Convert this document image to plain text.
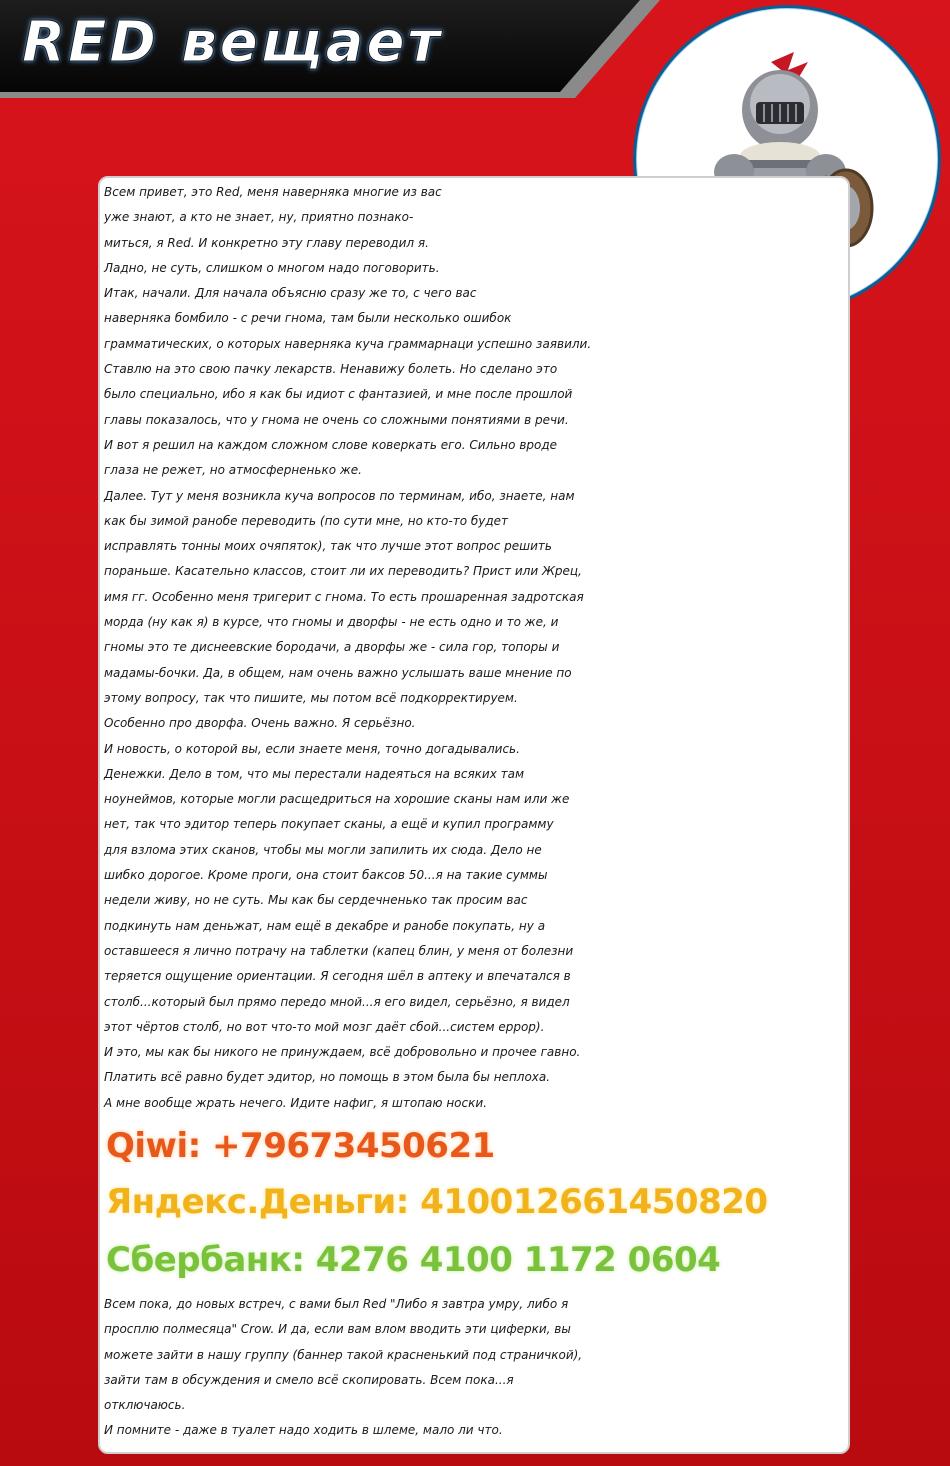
RED вещает
Всем привет, это Red, меня наверняка многие из вас
уже знают, а кто не знает, ну, приятно познако-
миться, я Red. И конкретно эту главу переводил я.
Ладно, не суть, слишком о многом надо поговорить.
Итак, начали. Для начала объясню сразу же то, с чего вас
наверняка бомбило - с речи гнома, там были несколько ошибок
грамматических, о которых наверняка куча граммарнаци успешно заявили.
Ставлю на это свою пачку лекарств. Ненавижу болеть. Но сделано это
было специально, ибо я как бы идиот с фантазией, и мне после прошлой
главы показалось, что у гнома не очень со сложными понятиями в речи.
И вот я решил на каждом сложном слове коверкать его. Сильно вроде
глаза не режет, но атмосферненько же.
Далее. Тут у меня возникла куча вопросов по терминам, ибо, знаете, нам
как бы зимой ранобе переводить (по сути мне, но кто-то будет
исправлять тонны моих очяпяток), так что лучше этот вопрос решить
пораньше. Касательно классов, стоит ли их переводить? Прист или Жрец,
имя гг. Особенно меня тригерит с гнома. То есть прошаренная задротская
морда (ну как я) в курсе, что гномы и дворфы - не есть одно и то же, и
гномы это те диснеевские бородачи, а дворфы же - сила гор, топоры и
мадамы-бочки. Да, в общем, нам очень важно услышать ваше мнение по
этому вопросу, так что пишите, мы потом всё подкорректируем.
Особенно про дворфа. Очень важно. Я серьёзно.
И новость, о которой вы, если знаете меня, точно догадывались.
Денежки. Дело в том, что мы перестали надеяться на всяких там
ноунеймов, которые могли расщедриться на хорошие сканы нам или же
нет, так что эдитор теперь покупает сканы, а ещё и купил программу
для взлома этих сканов, чтобы мы могли запилить их сюда. Дело не
шибко дорогое. Кроме проги, она стоит баксов 50...я на такие суммы
недели живу, но не суть. Мы как бы сердечненько так просим вас
подкинуть нам деньжат, нам ещё в декабре и ранобе покупать, ну а
оставшееся я лично потрачу на таблетки (капец блин, у меня от болезни
теряется ощущение ориентации. Я сегодня шёл в аптеку и впечатался в
столб...который был прямо передо мной...я его видел, серьёзно, я видел
этот чёртов столб, но вот что-то мой мозг даёт сбой...систем еррор).
И это, мы как бы никого не принуждаем, всё добровольно и прочее гавно.
Платить всё равно будет эдитор, но помощь в этом была бы неплоха.
А мне вообще жрать нечего. Идите нафиг, я штопаю носки.
Qiwi: +79673450621
Яндекс.Деньги: 410012661450820
Сбербанк: 4276 4100 1172 0604
Всем пока, до новых встреч, с вами был Red "Либо я завтра умру, либо я
просплю полмесяца" Crow. И да, если вам влом вводить эти циферки, вы
можете зайти в нашу группу (баннер такой красненький под страничкой),
зайти там в обсуждения и смело всё скопировать. Всем пока...я
отключаюсь.
И помните - даже в туалет надо ходить в шлеме, мало ли что.
